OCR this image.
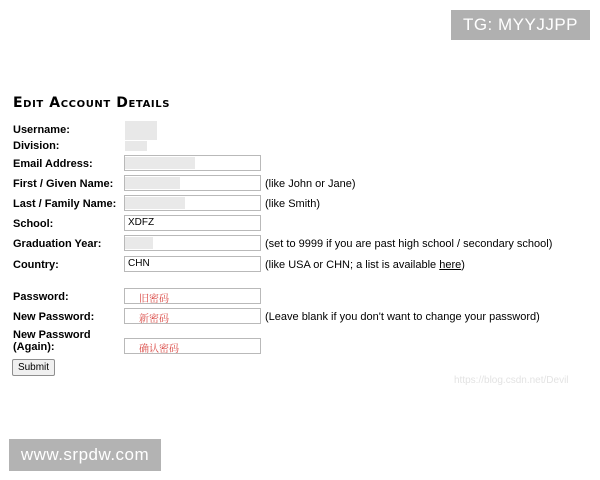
TG: MYYJJPP
Edit Account Details
Username:
Division:
Email Address:
First / Given Name:	(like John or Jane)
Last / Family Name:	(like Smith)
School:	XDFZ
Graduation Year:	(set to 9999 if you are past high school / secondary school)
Country:	CHN	(like USA or CHN; a list is available here)
Password:	旧密码
New Password:	新密码	(Leave blank if you don't want to change your password)
New Password
(Again):	确认密码
Submit
https://blog.csdn.net/Devil
www.srpdw.com
